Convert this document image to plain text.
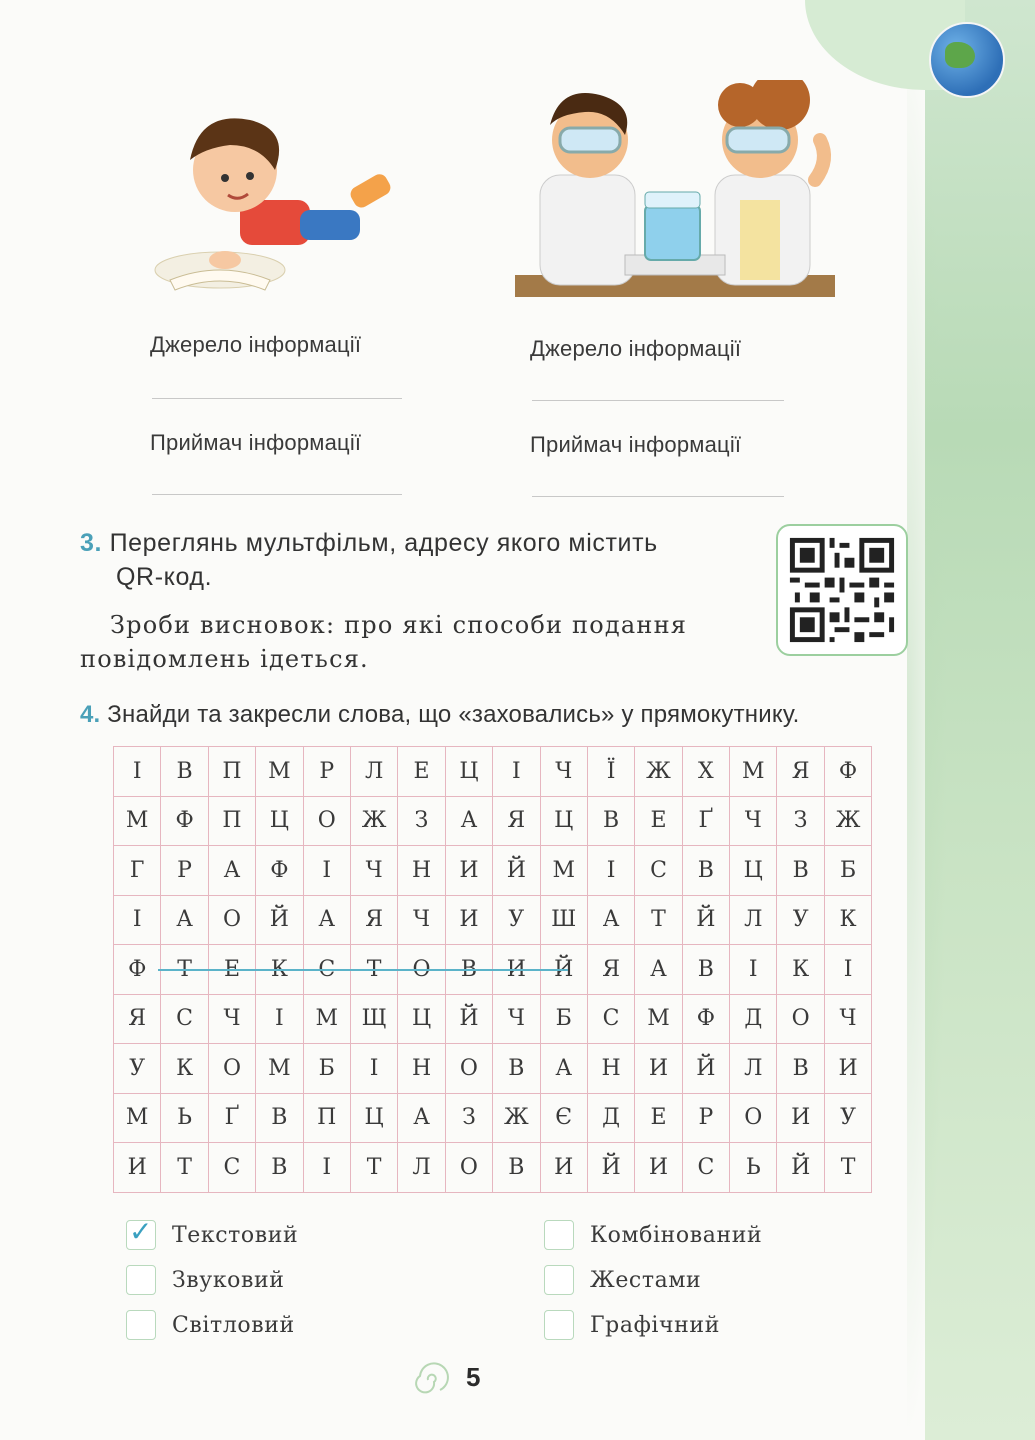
Джерело інформації
Приймач інформації
Джерело інформації
Приймач інформації
3. Переглянь мультфільм, адресу якого містить
QR-код.
Зроби висновок: про які способи подання
повідомлень ідеться.
4. Знайди та закресли слова, що «заховались» у прямокутнику.
І	В	П	М	Р	Л	Е	Ц	І	Ч	Ї	Ж	Х	М	Я	Ф
М	Ф	П	Ц	О	Ж	З	А	Я	Ц	В	Е	Ґ	Ч	З	Ж
Г	Р	А	Ф	І	Ч	Н	И	Й	М	І	С	В	Ц	В	Б
І	А	О	Й	А	Я	Ч	И	У	Ш	А	Т	Й	Л	У	К
Ф	Т	Е	К	С	Т	О	В	И	Й	Я	А	В	І	К	І
Я	С	Ч	І	М	Щ	Ц	Й	Ч	Б	С	М	Ф	Д	О	Ч
У	К	О	М	Б	І	Н	О	В	А	Н	И	Й	Л	В	И
М	Ь	Ґ	В	П	Ц	А	З	Ж	Є	Д	Е	Р	О	И	У
И	Т	С	В	І	Т	Л	О	В	И	Й	И	С	Ь	Й	Т
✓ Текстовий
Звуковий
Світловий
Комбінований
Жестами
Графічний
5
